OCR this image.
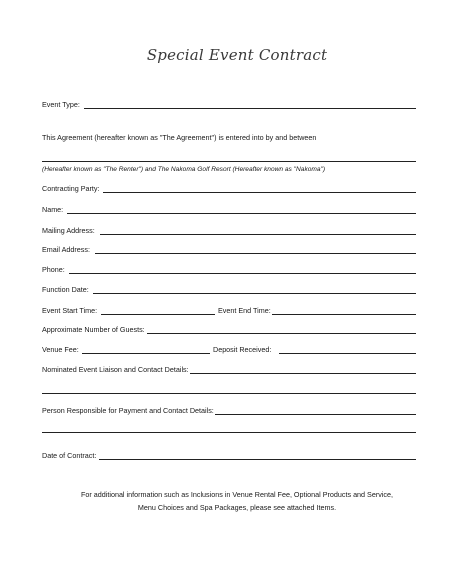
Special Event Contract
Event Type:
This Agreement (hereafter known as "The Agreement") is entered into by and between
(Hereafter known as "The Renter") and The Nakoma Golf Resort (Hereafter known as "Nakoma")
Contracting Party:
Name:
Mailing Address:
Email Address:
Phone:
Function Date:
Event Start Time:	Event End Time:
Approximate Number of Guests:
Venue Fee:	Deposit Received:
Nominated Event Liaison and Contact Details:
Person Responsible for Payment and Contact Details:
Date of Contract:
For additional information such as Inclusions in Venue Rental Fee, Optional Products and Service,
Menu Choices and Spa Packages, please see attached Items.
